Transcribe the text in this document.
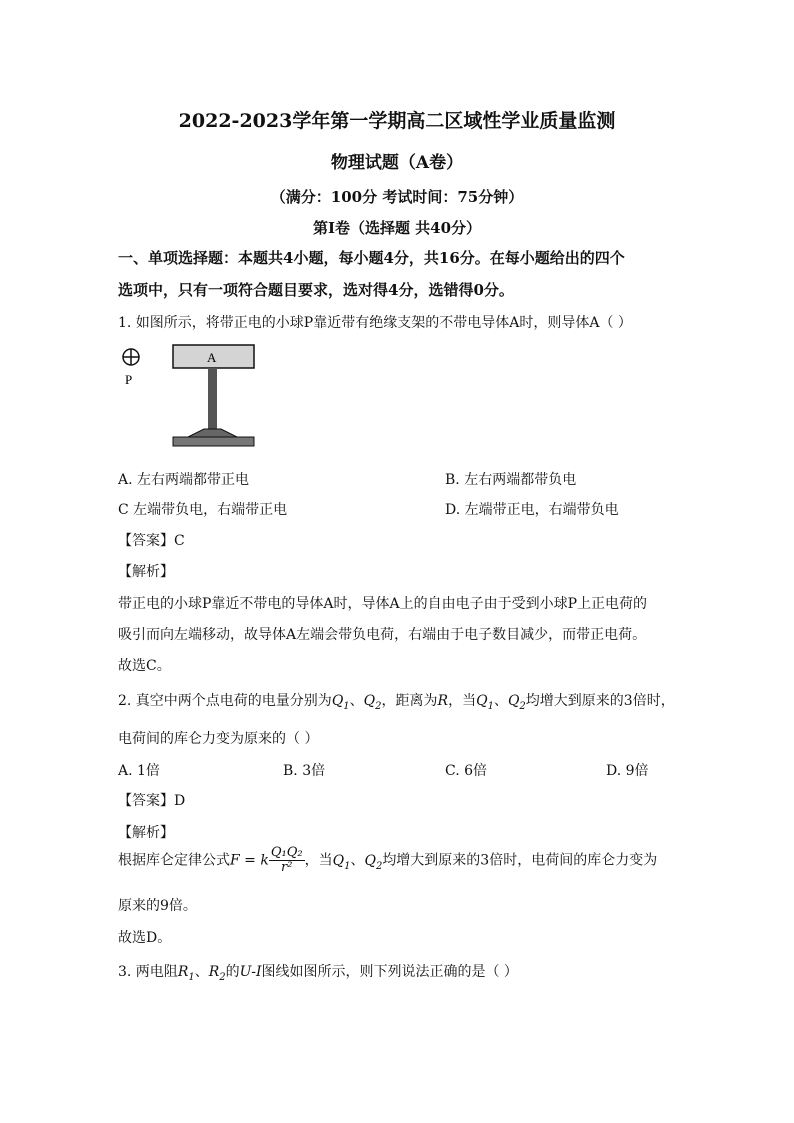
2022-2023学年第一学期高二区域性学业质量监测
物理试题（A卷）
（满分：100分 考试时间：75分钟）
第Ⅰ卷（选择题 共40分）
一、单项选择题：本题共4小题，每小题4分，共16分。在每小题给出的四个
选项中，只有一项符合题目要求，选对得4分，选错得0分。
1. 如图所示，将带正电的小球P靠近带有绝缘支架的不带电导体A时，则导体A（ ）
P
A
A. 左右两端都带正电	B. 左右两端都带负电
C 左端带负电，右端带正电	D. 左端带正电，右端带负电
【答案】C
【解析】
带正电的小球P靠近不带电的导体A时，导体A上的自由电子由于受到小球P上正电荷的
吸引而向左端移动，故导体A左端会带负电荷，右端由于电子数目减少，而带正电荷。
故选C。
2. 真空中两个点电荷的电量分别为$Q_1$、$Q_2$，距离为R，当$Q_1$、$Q_2$均增大到原来的3倍时，
电荷间的库仑力变为原来的（ ）
A. 1倍	B. 3倍	C. 6倍	D. 9倍
【答案】D
【解析】
根据库仑定律公式F = k $\frac{\text{Q₁Q₂}}{\text{r²}}$ ，当$Q_1$、$Q_2$均增大到原来的3倍时，电荷间的库仑力变为
原来的9倍。
故选D。
3. 两电阻$R_1$、$R_2$的U-I图线如图所示，则下列说法正确的是（ ）
